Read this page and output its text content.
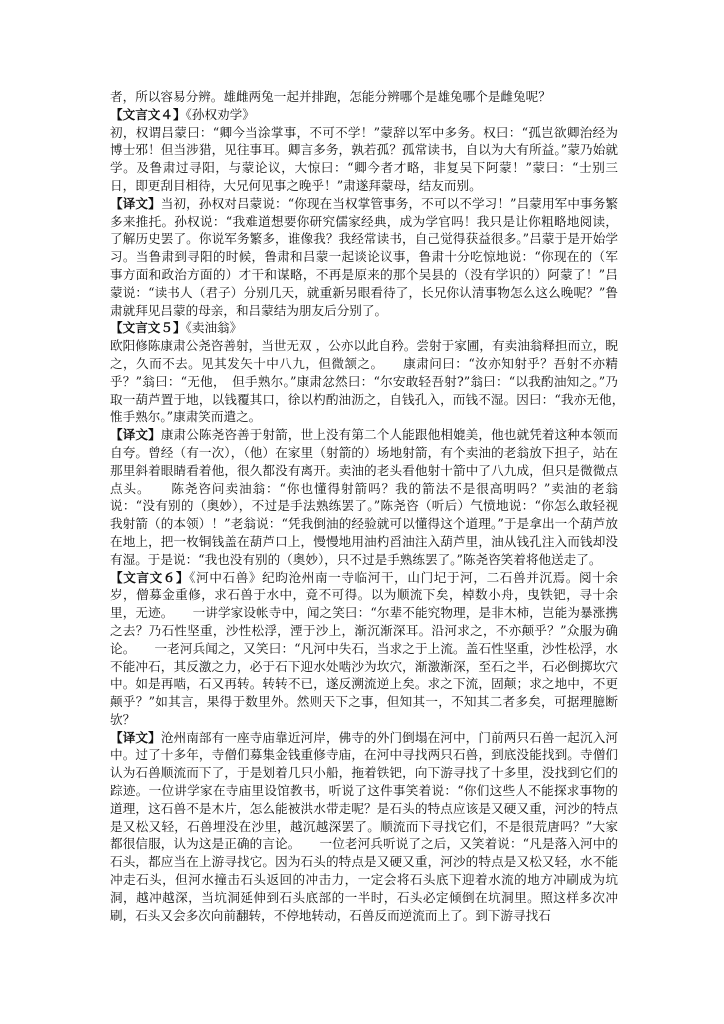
者，所以容易分辨。雄雌两兔一起并排跑，怎能分辨哪个是雄兔哪个是雌兔呢？

【文言文４】《孙权劝学》

初，权谓吕蒙曰：“卿今当涂掌事，不可不学！”蒙辞以军中多务。权曰：“孤岂欲卿治经为博士邪！但当涉猎，见往事耳。卿言多务，孰若孤？孤常读书，自以为大有所益。”蒙乃始就学。及鲁肃过寻阳，与蒙论议，大惊曰：“卿今者才略，非复吴下阿蒙！”蒙曰：“士别三日，即更刮目相待，大兄何见事之晚乎！”肃遂拜蒙母，结友而别。

【译文】当初，孙权对吕蒙说：“你现在当权掌管事务，不可以不学习！”吕蒙用军中事务繁多来推托。孙权说：“我难道想要你研究儒家经典，成为学官吗！我只是让你粗略地阅读，了解历史罢了。你说军务繁多，谁像我？我经常读书，自己觉得获益很多。”吕蒙于是开始学习。当鲁肃到寻阳的时候，鲁肃和吕蒙一起谈论议事，鲁肃十分吃惊地说：“你现在的（军事方面和政治方面的）才干和谋略，不再是原来的那个吴县的（没有学识的）阿蒙了！”吕蒙说：“读书人（君子）分别几天，就重新另眼看待了，长兄你认清事物怎么这么晚呢？”鲁肃就拜见吕蒙的母亲，和吕蒙结为朋友后分别了。

【文言文５】《卖油翁》

欧阳修陈康肃公尧咨善射，当世无双 ，公亦以此自矜。尝射于家圃，有卖油翁释担而立，睨之，久而不去。见其发矢十中八九，但微颔之。　　康肃问曰：“汝亦知射乎？吾射不亦精乎？”翁曰：“无他，　但手熟尔。”康肃忿然曰：“尔安敢轻吾射?”翁曰：“以我酌油知之。”乃取一葫芦置于地，以钱覆其口，徐以杓酌油沥之，自钱孔入，而钱不湿。因曰：“我亦无他，　惟手熟尔。”康肃笑而遣之。

【译文】康肃公陈尧咨善于射箭，世上没有第二个人能跟他相媲美，他也就凭着这种本领而自夸。曾经（有一次），（他）在家里（射箭的）场地射箭，有个卖油的老翁放下担子，站在那里斜着眼睛看着他，很久都没有离开。卖油的老头看他射十箭中了八九成，但只是微微点点头。　　陈尧咨问卖油翁：“你也懂得射箭吗？我的箭法不是很高明吗？”卖油的老翁说：“没有别的（奥妙），不过是手法熟练罢了。”陈尧咨（听后）气愤地说：“你怎么敢轻视我射箭（的本领）！”老翁说：“凭我倒油的经验就可以懂得这个道理。”于是拿出一个葫芦放在地上，把一枚铜钱盖在葫芦口上，慢慢地用油杓舀油注入葫芦里，油从钱孔注入而钱却没有湿。于是说：“我也没有别的（奥妙），只不过是手熟练罢了。”陈尧咨笑着将他送走了。

【文言文６】《河中石兽》纪昀沧州南一寺临河干，山门圮于河，二石兽并沉焉。阅十余岁，僧募金重修，求石兽于水中，竟不可得。以为顺流下矣，棹数小舟，曳铁钯，寻十余里，无迹。　　一讲学家设帐寺中，闻之笑曰：“尔辈不能究物理，是非木柿，岂能为暴涨携之去？乃石性坚重，沙性松浮，湮于沙上，渐沉渐深耳。沿河求之，不亦颠乎？”众服为确论。　　一老河兵闻之，又笑曰：“凡河中失石，当求之于上流。盖石性坚重，沙性松浮，水不能冲石，其反激之力，必于石下迎水处啮沙为坎穴，渐激渐深，至石之半，石必倒掷坎穴中。如是再啮，石又再转。转转不已，遂反溯流逆上矣。求之下流，固颠；求之地中，不更颠乎？”如其言，果得于数里外。然则天下之事，但知其一，不知其二者多矣，可据理臆断欤？

【译文】沧州南部有一座寺庙靠近河岸，佛寺的外门倒塌在河中，门前两只石兽一起沉入河中。过了十多年，寺僧们募集金钱重修寺庙，在河中寻找两只石兽，到底没能找到。寺僧们认为石兽顺流而下了，于是划着几只小船，拖着铁钯，向下游寻找了十多里，没找到它们的踪迹。一位讲学家在寺庙里设馆教书，听说了这件事笑着说：“你们这些人不能探求事物的道理，这石兽不是木片，怎么能被洪水带走呢？是石头的特点应该是又硬又重，河沙的特点是又松又轻，石兽埋没在沙里，越沉越深罢了。顺流而下寻找它们，不是很荒唐吗？”大家都很信服，认为这是正确的言论。　　一位老河兵听说了之后，又笑着说：“凡是落入河中的石头，都应当在上游寻找它。因为石头的特点是又硬又重，河沙的特点是又松又轻，水不能冲走石头，但河水撞击石头返回的冲击力，一定会将石头底下迎着水流的地方冲刷成为坑洞，越冲越深，当坑洞延伸到石头底部的一半时，石头必定倾倒在坑洞里。照这样多次冲刷，石头又会多次向前翻转，不停地转动，石兽反而逆流而上了。到下游寻找石
